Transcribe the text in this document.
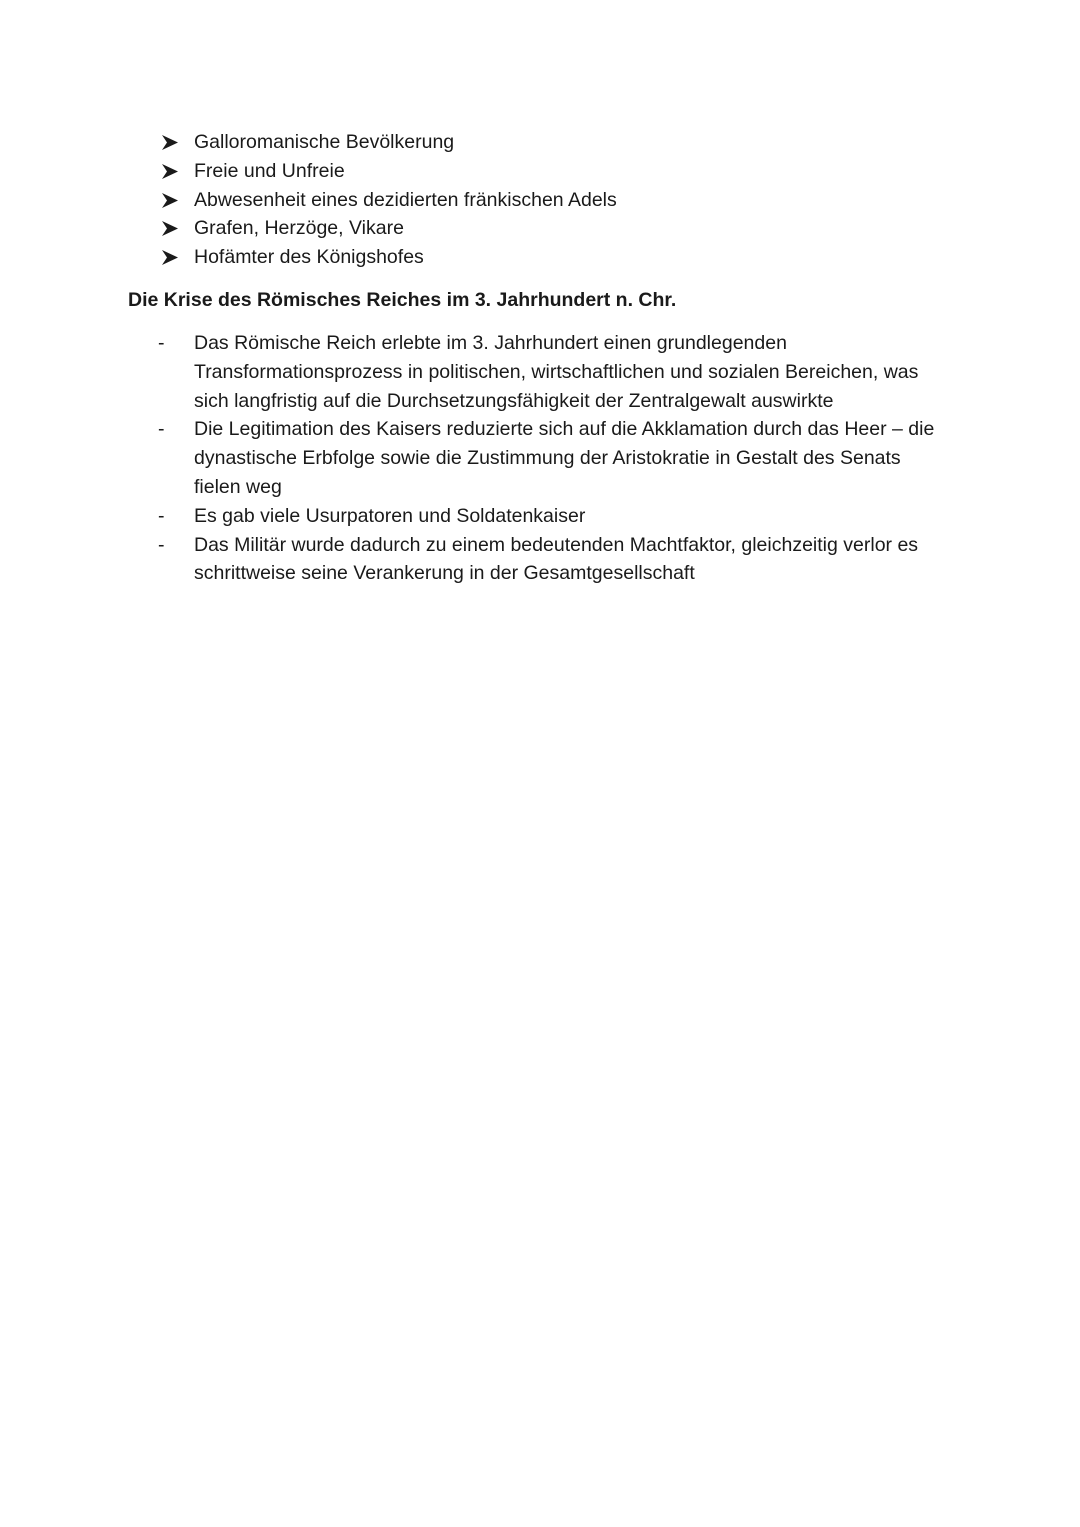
Galloromanische Bevölkerung
Freie und Unfreie
Abwesenheit eines dezidierten fränkischen Adels
Grafen, Herzöge, Vikare
Hofämter des Königshofes
Die Krise des Römisches Reiches im 3. Jahrhundert n. Chr.
- Das Römische Reich erlebte im 3. Jahrhundert einen grundlegenden
Transformationsprozess in politischen, wirtschaftlichen und sozialen Bereichen, was
sich langfristig auf die Durchsetzungsfähigkeit der Zentralgewalt auswirkte
- Die Legitimation des Kaisers reduzierte sich auf die Akklamation durch das Heer – die
dynastische Erbfolge sowie die Zustimmung der Aristokratie in Gestalt des Senats
fielen weg
- Es gab viele Usurpatoren und Soldatenkaiser
- Das Militär wurde dadurch zu einem bedeutenden Machtfaktor, gleichzeitig verlor es
schrittweise seine Verankerung in der Gesamtgesellschaft
